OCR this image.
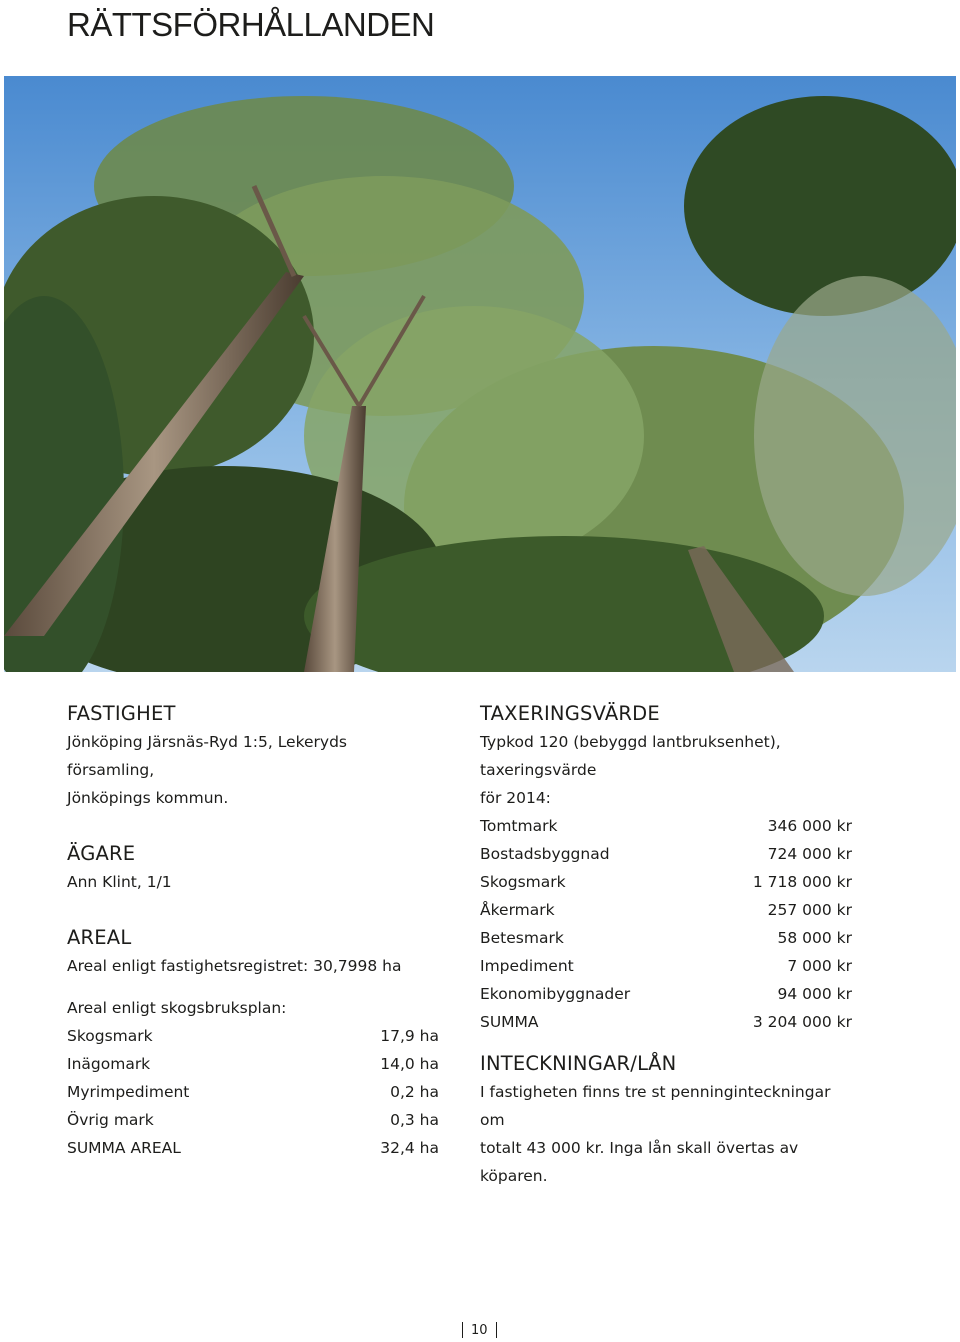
RÄTTSFÖRHÅLLANDEN
FASTIGHET

Jönköping Järsnäs-Ryd 1:5, Lekeryds församling,

Jönköpings kommun.

ÄGARE

Ann Klint, 1/1

AREAL

Areal enligt fastighetsregistret: 30,7998 ha

Areal enligt skogsbruksplan:

Skogsmark	17,9 ha
Inägomark	14,0 ha
Myrimpediment	0,2 ha
Övrig mark	0,3 ha
SUMMA AREAL	32,4 ha
TAXERINGSVÄRDE

Typkod 120 (bebyggd lantbruksenhet), taxeringsvärde

för 2014:

Tomtmark	346 000 kr
Bostadsbyggnad	724 000 kr
Skogsmark	1 718 000 kr
Åkermark	257 000 kr
Betesmark	58 000 kr
Impediment	7 000 kr
Ekonomibyggnader	94 000 kr
SUMMA	3 204 000 kr
INTECKNINGAR/LÅN

I fastigheten finns tre st penninginteckningar om

totalt 43 000 kr. Inga lån skall övertas av köparen.

10
